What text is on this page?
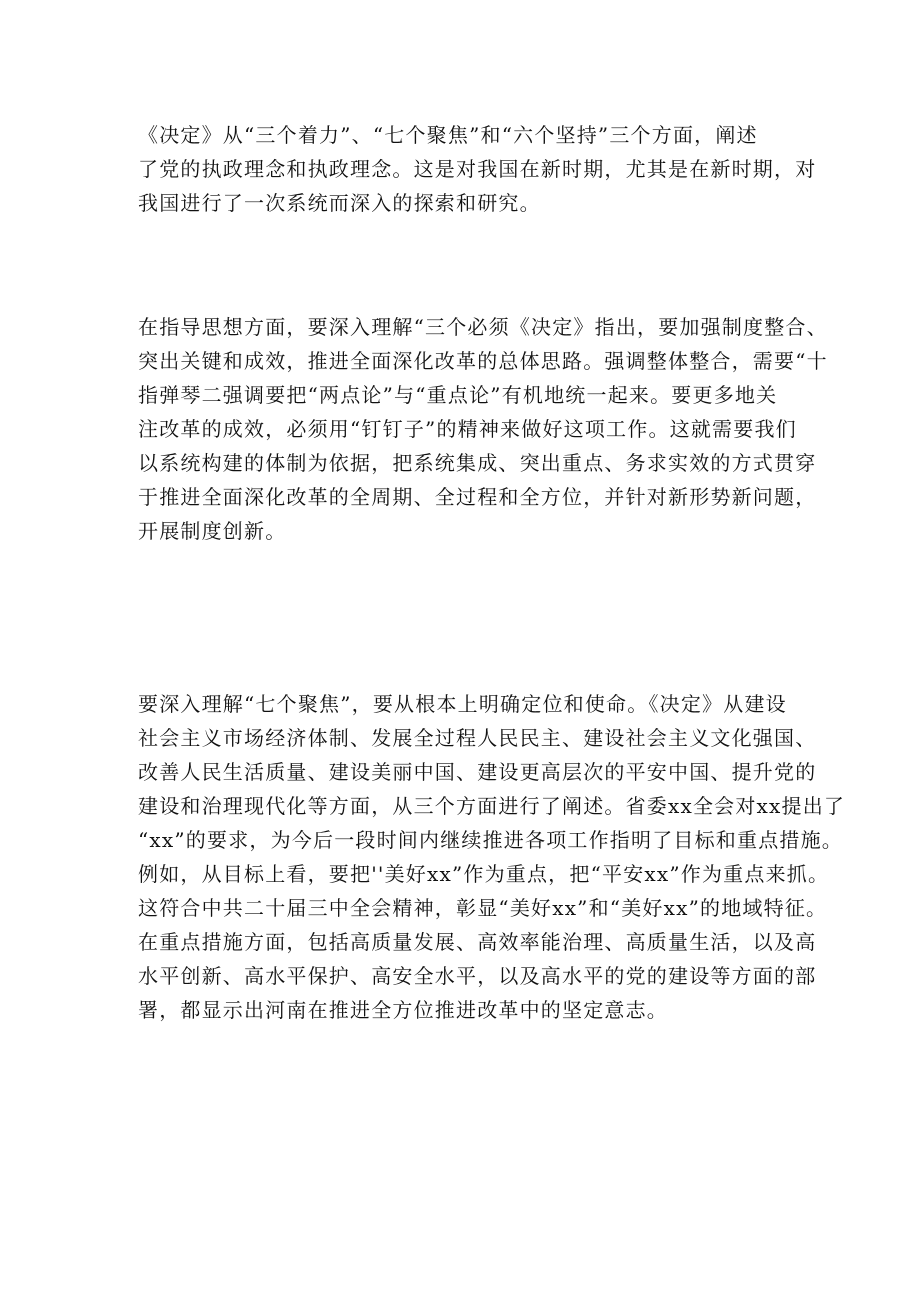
《决定》从“三个着力”、“七个聚焦”和“六个坚持”三个方面，阐述
了党的执政理念和执政理念。这是对我国在新时期，尤其是在新时期，对
我国进行了一次系统而深入的探索和研究。
在指导思想方面，要深入理解“三个必须《决定》指出，要加强制度整合、
突出关键和成效，推进全面深化改革的总体思路。强调整体整合，需要“十
指弹琴二强调要把“两点论”与“重点论”有机地统一起来。要更多地关
注改革的成效，必须用“钉钉子”的精神来做好这项工作。这就需要我们
以系统构建的体制为依据，把系统集成、突出重点、务求实效的方式贯穿
于推进全面深化改革的全周期、全过程和全方位，并针对新形势新问题，
开展制度创新。
要深入理解“七个聚焦”，要从根本上明确定位和使命。《决定》从建设
社会主义市场经济体制、发展全过程人民民主、建设社会主义文化强国、
改善人民生活质量、建设美丽中国、建设更高层次的平安中国、提升党的
建设和治理现代化等方面，从三个方面进行了阐述。省委xx全会对xx提出了
“xx”的要求，为今后一段时间内继续推进各项工作指明了目标和重点措施。
例如，从目标上看，要把''美好xx”作为重点，把“平安xx”作为重点来抓。
这符合中共二十届三中全会精神，彰显“美好xx”和“美好xx”的地域特征。
在重点措施方面，包括高质量发展、高效率能治理、高质量生活，以及高
水平创新、高水平保护、高安全水平，以及高水平的党的建设等方面的部
署，都显示出河南在推进全方位推进改革中的坚定意志。
